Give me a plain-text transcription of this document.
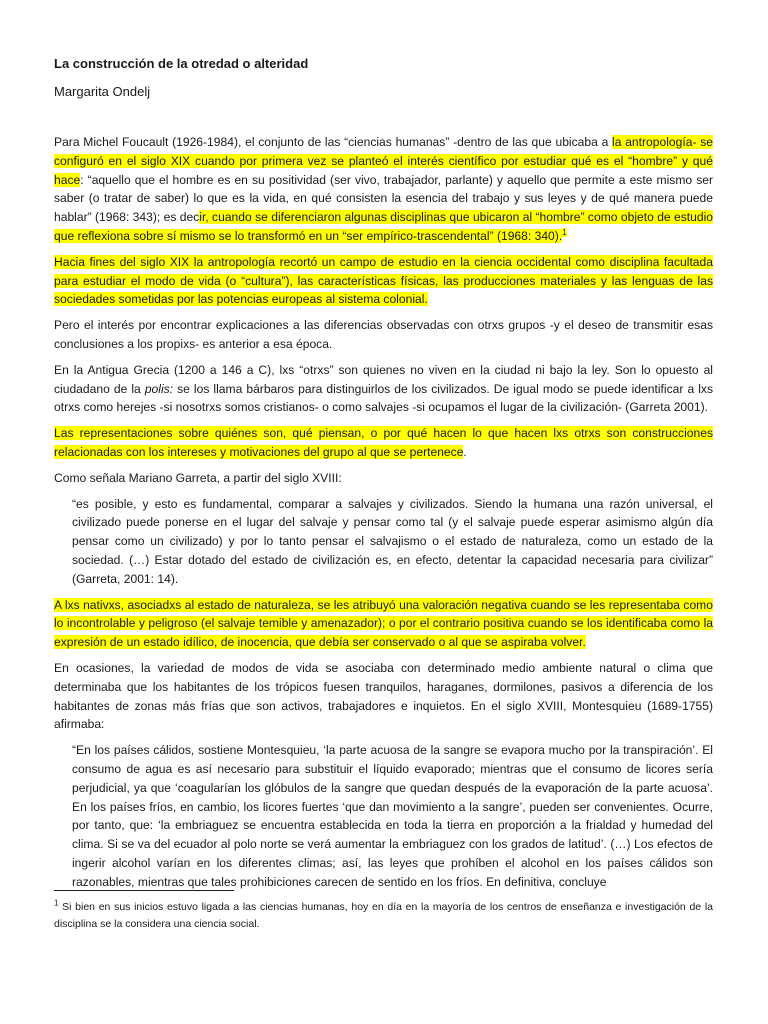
La construcción de la otredad o alteridad
Margarita Ondelj

Para Michel Foucault (1926-1984), el conjunto de las “ciencias humanas” -dentro de las que ubicaba a la antropología- se configuró en el siglo XIX cuando por primera vez se planteó el interés científico por estudiar qué es el “hombre” y qué hace: “aquello que el hombre es en su positividad (ser vivo, trabajador, parlante) y aquello que permite a este mismo ser saber (o tratar de saber) lo que es la vida, en qué consisten la esencia del trabajo y sus leyes y de qué manera puede hablar” (1968: 343); es decir, cuando se diferenciaron algunas disciplinas que ubicaron al “hombre” como objeto de estudio que reflexiona sobre sí mismo se lo transformó en un “ser empírico-trascendental” (1968: 340).$^1$

Hacia fines del siglo XIX la antropología recortó un campo de estudio en la ciencia occidental como disciplina facultada para estudiar el modo de vida (o “cultura”), las características físicas, las producciones materiales y las lenguas de las sociedades sometidas por las potencias europeas al sistema colonial.

Pero el interés por encontrar explicaciones a las diferencias observadas con otrxs grupos -y el deseo de transmitir esas conclusiones a los propixs- es anterior a esa época.

En la Antigua Grecia (1200 a 146 a C), lxs “otrxs” son quienes no viven en la ciudad ni bajo la ley. Son lo opuesto al ciudadano de la polis: se los llama bárbaros para distinguirlos de los civilizados. De igual modo se puede identificar a lxs otrxs como herejes -si nosotrxs somos cristianos- o como salvajes -si ocupamos el lugar de la civilización- (Garreta 2001).

Las representaciones sobre quiénes son, qué piensan, o por qué hacen lo que hacen lxs otrxs son construcciones relacionadas con los intereses y motivaciones del grupo al que se pertenece.

Como señala Mariano Garreta, a partir del siglo XVIII:

“es posible, y esto es fundamental, comparar a salvajes y civilizados. Siendo la humana una razón universal, el civilizado puede ponerse en el lugar del salvaje y pensar como tal (y el salvaje puede esperar asimismo algún día pensar como un civilizado) y por lo tanto pensar el salvajismo o el estado de naturaleza, como un estado de la sociedad. (…) Estar dotado del estado de civilización es, en efecto, detentar la capacidad necesaria para civilizar” (Garreta, 2001: 14).

A lxs nativxs, asociadxs al estado de naturaleza, se les atribuyó una valoración negativa cuando se les representaba como lo incontrolable y peligroso (el salvaje temible y amenazador); o por el contrario positiva cuando se los identificaba como la expresión de un estado idílico, de inocencia, que debía ser conservado o al que se aspiraba volver.

En ocasiones, la variedad de modos de vida se asociaba con determinado medio ambiente natural o clima que determinaba que los habitantes de los trópicos fuesen tranquilos, haraganes, dormilones, pasivos a diferencia de los habitantes de zonas más frías que son activos, trabajadores e inquietos. En el siglo XVIII, Montesquieu (1689-1755) afirmaba:

“En los países cálidos, sostiene Montesquieu, ‘la parte acuosa de la sangre se evapora mucho por la transpiración’. El consumo de agua es así necesario para substituir el líquido evaporado; mientras que el consumo de licores sería perjudicial, ya que ‘coagularían los glóbulos de la sangre que quedan después de la evaporación de la parte acuosa’. En los países fríos, en cambio, los licores fuertes ‘que dan movimiento a la sangre’, pueden ser convenientes. Ocurre, por tanto, que: ‘la embriaguez se encuentra establecida en toda la tierra en proporción a la frialdad y humedad del clima. Si se va del ecuador al polo norte se verá aumentar la embriaguez con los grados de latitud’. (…) Los efectos de ingerir alcohol varían en los diferentes climas; así, las leyes que prohíben el alcohol en los países cálidos son razonables, mientras que tales prohibiciones carecen de sentido en los fríos. En definitiva, concluye

$^1$ Si bien en sus inicios estuvo ligada a las ciencias humanas, hoy en día en la mayoría de los centros de enseñanza e investigación de la disciplina se la considera una ciencia social.
